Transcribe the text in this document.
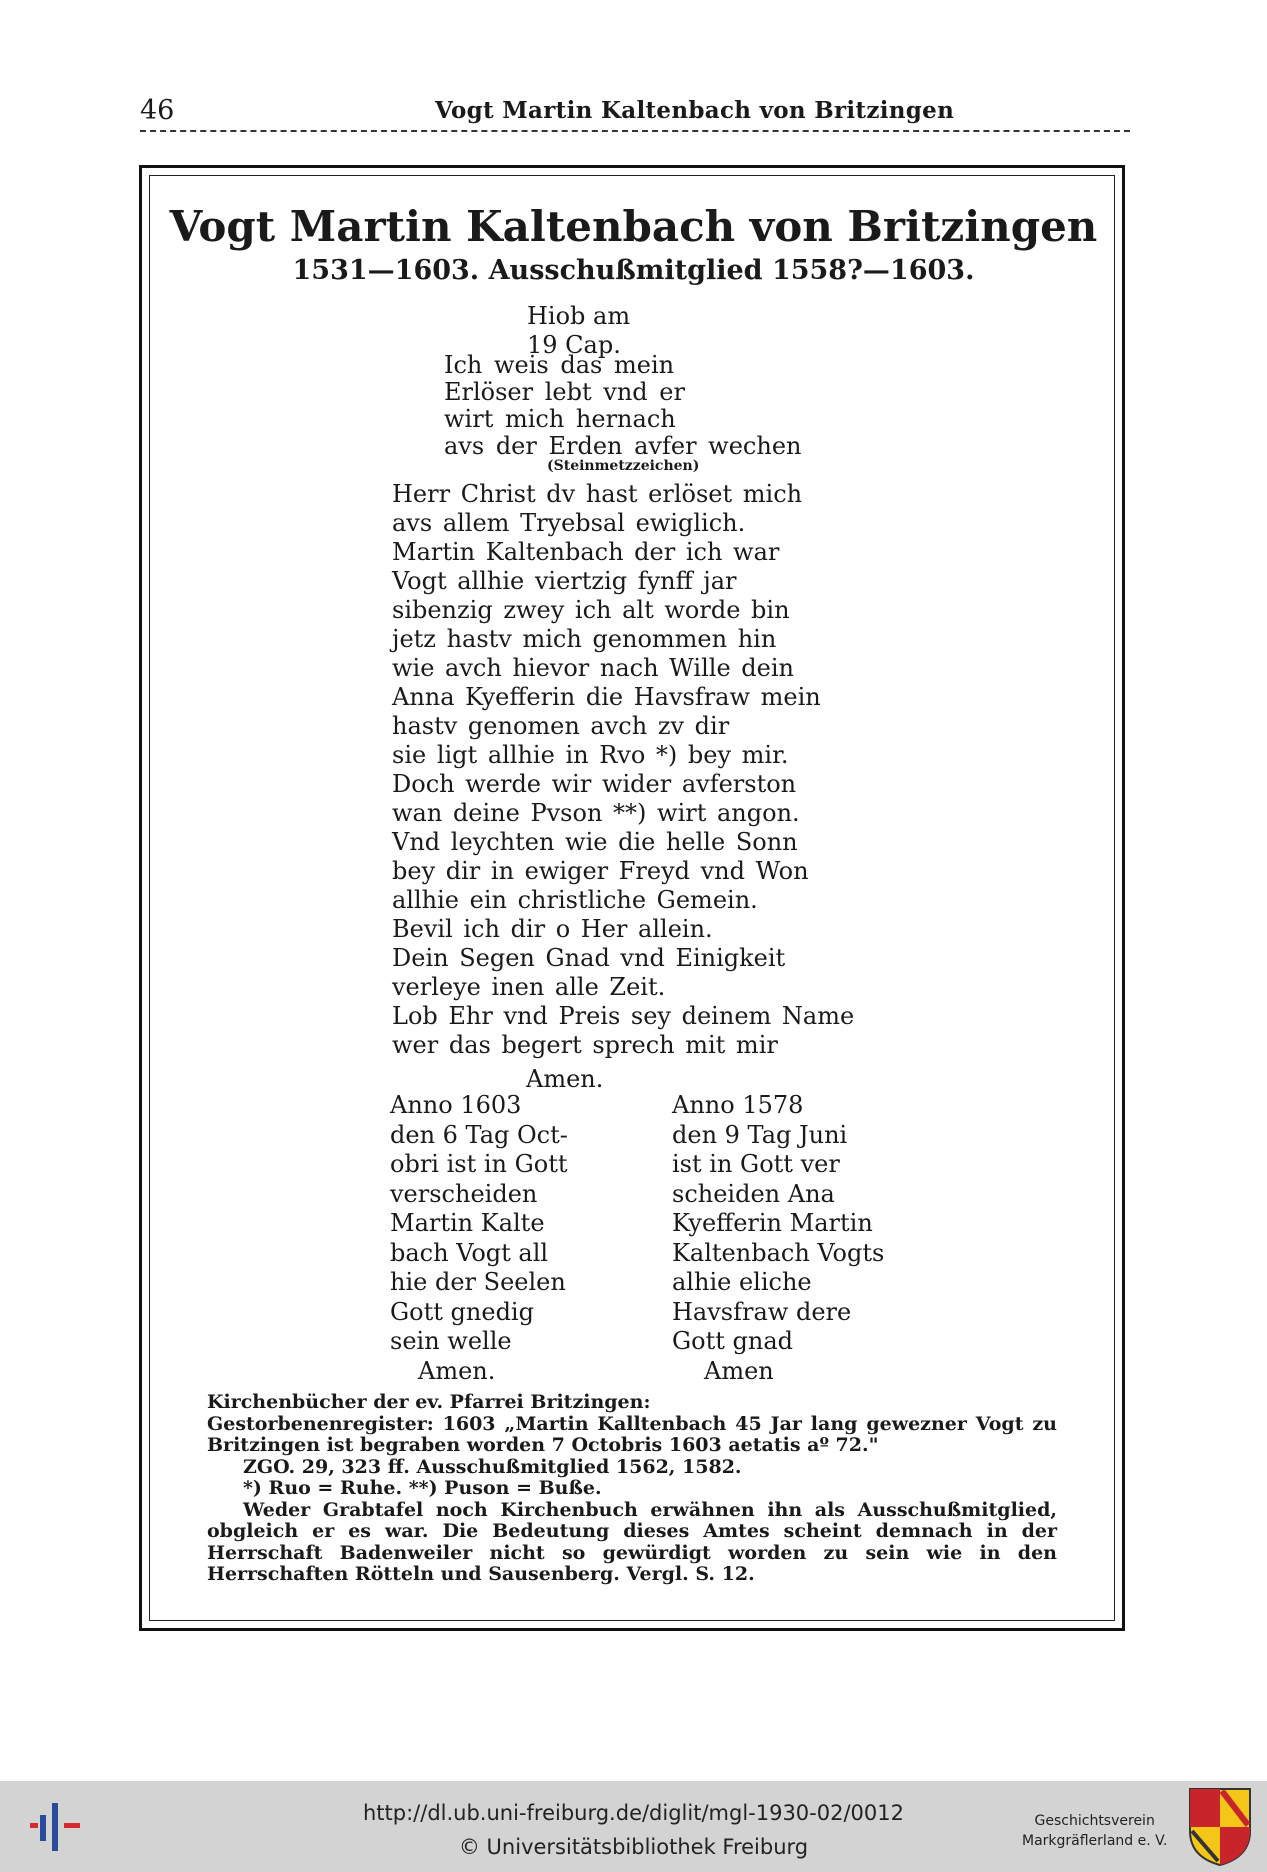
46	Vogt Martin Kaltenbach von Britzingen
Vogt Martin Kaltenbach von Britzingen
1531—1603. Ausschußmitglied 1558?—1603.
Hiob am
19 Cap.
Ich weis das mein
Erlöser lebt vnd er
wirt mich hernach
avs der Erden avfer wechen
(Steinmetzzeichen)
Herr Christ dv hast erlöset mich
avs allem Tryebsal ewiglich.
Martin Kaltenbach der ich war
Vogt allhie viertzig fynff jar
sibenzig zwey ich alt worde bin
jetz hastv mich genommen hin
wie avch hievor nach Wille dein
Anna Kyefferin die Havsfraw mein
hastv genomen avch zv dir
sie ligt allhie in Rvo *) bey mir.
Doch werde wir wider avferston
wan deine Pvson **) wirt angon.
Vnd leychten wie die helle Sonn
bey dir in ewiger Freyd vnd Won
allhie ein christliche Gemein.
Bevil ich dir o Her allein.
Dein Segen Gnad vnd Einigkeit
verleye inen alle Zeit.
Lob Ehr vnd Preis sey deinem Name
wer das begert sprech mit mir
Amen.
Anno 1603
den 6 Tag Oct-
obri ist in Gott
verscheiden
Martin Kalte
bach Vogt all
hie der Seelen
Gott gnedig
sein welle
Amen.
Anno 1578
den 9 Tag Juni
ist in Gott ver
scheiden Ana
Kyefferin Martin
Kaltenbach Vogts
alhie eliche
Havsfraw dere
Gott gnad
Amen

Kirchenbücher der ev. Pfarrei Britzingen:

Gestorbenenregister: 1603 „Martin Kalltenbach 45 Jar lang gewezner Vogt zu Britzingen ist begraben worden 7 Octobris 1603 aetatis aº 72."

ZGO. 29, 323 ff. Ausschußmitglied 1562, 1582.

*) Ruo = Ruhe. **) Puson = Buße.

Weder Grabtafel noch Kirchenbuch erwähnen ihn als Ausschußmitglied, obgleich er es war. Die Bedeutung dieses Amtes scheint demnach in der Herrschaft Badenweiler nicht so gewürdigt worden zu sein wie in den Herrschaften Rötteln und Sausenberg. Vergl. S. 12.

http://dl.ub.uni-freiburg.de/diglit/mgl-1930-02/0012
© Universitätsbibliothek Freiburg
Geschichtsverein
Markgräflerland e. V.
